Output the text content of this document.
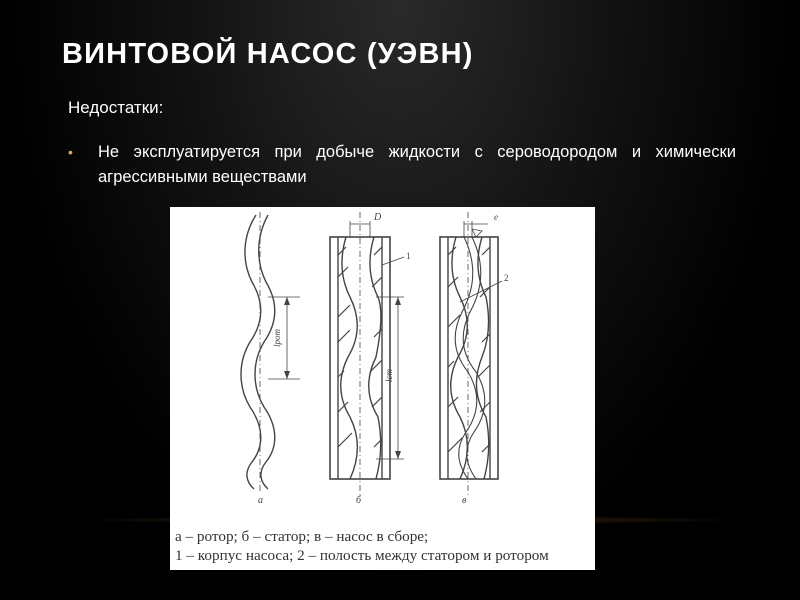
ВИНТОВОЙ НАСОС (УЭВН)
Недостатки:
• Не эксплуатируется при добыче жидкости с сероводородом и химически агрессивными веществами
а	б	в
D	e
lрот
lст
1
2
а – ротор; б – статор; в – насос в сборе;
1 – корпус насоса; 2 – полость между статором и ротором
